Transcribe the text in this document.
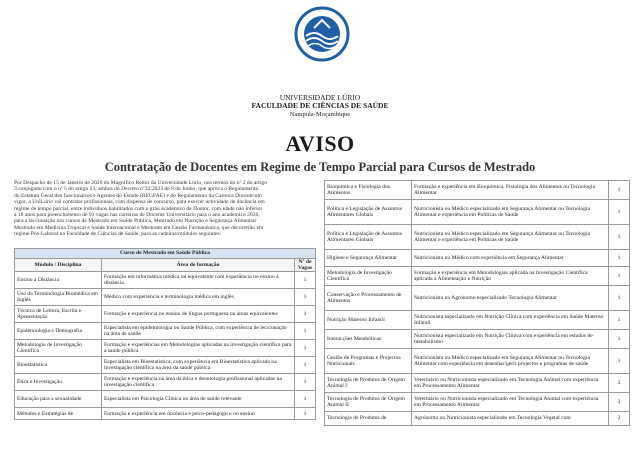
UNIVERSIDADE LÚRIO
FACULDADE DE CIÊNCIAS DE SAÚDE
Nampula-Moçambique
AVISO
Contratação de Docentes em Regime de Tempo Parcial para Cursos de Mestrado
Por Despacho de 15 de Janeiro de 2026 do Magnífico Reitor da Universidade Lúrio, nos termos do nº 2 do artigo
3 conjugado com o nº 5 do artigo 23, ambos do Decreto nº32/2023 de 8 de Junho, que aprova o Regulamento
do Estatuto Geral dos funcionários e Agentes do Estado (REGFAE) e do Regulamento da Carreira Docente em
vigor, a UniLúrio vai contratar profissionais, com dispensa de concurso, para exercer actividade de docência em
regime de tempo parcial, entre indivíduos habilitados com o grau académico de Doutor, com idade não inferior
a 18 anos para preenchimento de 91 vagas nas carreiras de Docente Universitário para o ano académico 2026,
para a leccionação nos cursos de Mestrado em Saúde Pública, Mestrado em Nutrição e Segurança Alimentar
Mestrado em Medicina Tropical e Saúde Internacional e Mestrado em Gestão Farmacêutica, que decorrerão em
regime Pós-Laboral na Faculdade de Ciências de Saúde, para as cadeiras/módulos seguintes:
Curso de Mestrado em Saúde Pública		
Módulo / Disciplina	Área de formação	Nº de Vagas
Ensino à Distância	Formação em informática médica ou equivalente com experiência no ensino à distância	1
Uso da Terminologia Biomédica em Inglês	Médico com experiência e terminologia médica em inglês	1
Técnica de Leitura, Escrita e Apresentação	Formação e experiência no ensino de língua portuguesa ou áreas equivalentes	1
Epidemiologia e Demografia	Especialista em epidemiologia ou Saúde Pública, com experiência de leccionação na área de saúde	1
Metodologia de Investigação Científica	Formação e experiências em Metodologias aplicadas na investigação científica para a saúde pública	1
Bioestatística	Especialista em Bioestatística, com experiência em Bioestatística aplicada na investigação científica na área da saúde pública	1
Ética e Investigação	Formação e experiência na área da ética e deontologia profissional aplicadas na investigação científica	1
Educação para a sexualidade	Especialista em Psicologia Clínica ou área de saúde relevante	1
Métodos e Estratégias de	Formação e experiência em docência e psico-pedagógico no ensino	1
Bioquímica e Fisiologia dos Alimentos	Formação e experiência em Bioquímica, Fisiologia dos Alimentos ou Tecnologia Alimentar	1
Política e Legislação de Assuntos Alimentares Globais	Nutricionista ou Médico especializado em Segurança Alimentar ou Tecnologia Alimentar e experiência em Políticas de Saúde	1
Política e Legislação de Assuntos Alimentares Globais	Nutricionista ou Médico especializado em Segurança Alimentar ou Tecnologia Alimentar e experiência em Políticas de Saúde	1
Higiene e Segurança Alimentar	Nutricionista ou Médico com experiência em Segurança Alimentar	1
Metodologia de Investigação Científica	Formação e experiência em Metodologias aplicada na Investigação Científica aplicada a Alimentação e Nutrição	1
Conservação e Processamento de Alimentos	Nutricionista ou Agrónomo especializado Tecnologia Alimentar	1
Nutrição Materno Infantil	Nutricionista especializado em Nutrição Clínica com experiência em Saúde Materno Infantil	1
Interacções Metabólicas	Nutricionista especializado em Nutrição Clínica com experiência em estudos de metabolismo	1
Gestão de Programas e Projectos Nutricionais	Nutricionista ou Médico especializado em Segurança Alimentar ou Tecnologia Alimentar com experiência em desenhar/gerir projectos e programas de saúde	1
Tecnologia de Produtos de Origem Animal I	Veterinário ou Nutricionista especializado em Tecnologia Animal com experiência em Processamento Alimentar	3
Tecnologia de Produtos de Origem Animal II	Veterinário ou Nutricionista especializado em Tecnologia Animal com experiência em Processamento Alimentar	3
Tecnologia de Produtos de	Agrónomo ou Nutricionista especializado em Tecnologia Vegetal com	2
